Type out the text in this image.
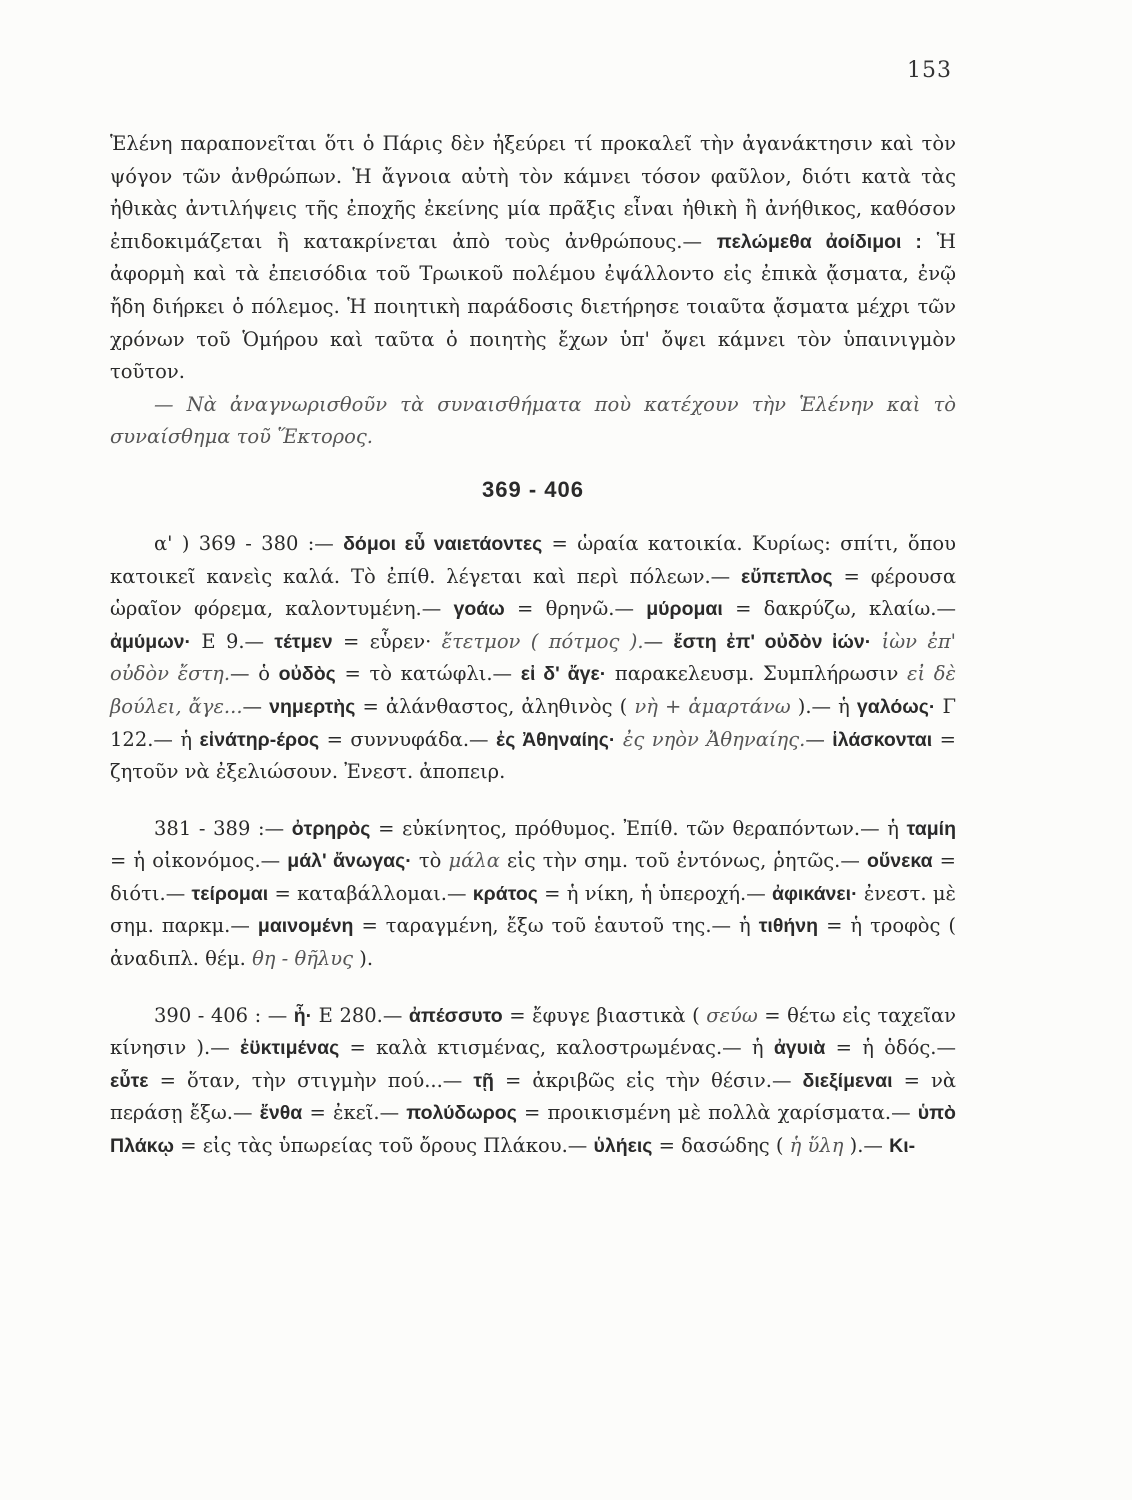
153

Ἑλένη παραπονεῖται ὅτι ὁ Πάρις δὲν ἠξεύρει τί προκαλεῖ τὴν ἀγανάκτησιν καὶ τὸν ψόγον τῶν ἀνθρώπων. Ἡ ἄγνοια αὐτὴ τὸν κάμνει τόσον φαῦλον, διότι κατὰ τὰς ἠθικὰς ἀντιλήψεις τῆς ἐποχῆς ἐκείνης μία πρᾶξις εἶναι ἠθικὴ ἢ ἀνήθικος, καθόσον ἐπιδοκιμάζεται ἢ κατακρίνεται ἀπὸ τοὺς ἀνθρώπους.— πελώμεθα ἀοίδιμοι : Ἡ ἀφορμὴ καὶ τὰ ἐπεισόδια τοῦ Τρωικοῦ πολέμου ἐψάλλοντο εἰς ἐπικὰ ᾄσματα, ἐνῷ ἤδη διήρκει ὁ πόλεμος. Ἡ ποιητικὴ παράδοσις διετήρησε τοιαῦτα ᾄσματα μέχρι τῶν χρόνων τοῦ Ὁμήρου καὶ ταῦτα ὁ ποιητὴς ἔχων ὑπ' ὄψει κάμνει τὸν ὑπαινιγμὸν τοῦτον.

— Νὰ ἀναγνωρισθοῦν τὰ συναισθήματα ποὺ κατέχουν τὴν Ἑλένην καὶ τὸ συναίσθημα τοῦ Ἕκτορος.

369 - 406

α' ) 369 - 380 :— δόμοι εὖ ναιετάοντες = ὡραία κατοικία. Κυρίως: σπίτι, ὅπου κατοικεῖ κανεὶς καλά. Τὸ ἐπίθ. λέγεται καὶ περὶ πόλεων.— εὔπεπλος = φέρουσα ὡραῖον φόρεμα, καλοντυμένη.— γοάω = θρηνῶ.— μύρομαι = δακρύζω, κλαίω.— ἀμύμων· Ε 9.— τέτμεν = εὗρεν· ἔτετμον ( πότμος ).— ἔστη ἐπ' οὐδὸν ἰών· ἰὼν ἐπ' οὐδὸν ἔστη.— ὁ οὐδὸς = τὸ κατώφλι.— εἰ δ' ἄγε· παρακελευσμ. Συμπλήρωσιν εἰ δὲ βούλει, ἄγε...— νημερτὴς = ἀλάνθαστος, ἀληθινὸς ( νὴ + ἁμαρτάνω ).— ἡ γαλόως· Γ 122.— ἡ εἰνάτηρ-έρος = συννυφάδα.— ἐς Ἀθηναίης· ἐς νηὸν Ἀθηναίης.— ἱλάσκονται = ζητοῦν νὰ ἐξελιώσουν. Ἐνεστ. ἀποπειρ.

381 - 389 :— ὀτρηρὸς = εὐκίνητος, πρόθυμος. Ἐπίθ. τῶν θεραπόντων.— ἡ ταμίη = ἡ οἰκονόμος.— μάλ' ἄνωγας· τὸ μάλα εἰς τὴν σημ. τοῦ ἐντόνως, ῥητῶς.— οὕνεκα = διότι.— τείρομαι = καταβάλλομαι.— κράτος = ἡ νίκη, ἡ ὑπεροχή.— ἀφικάνει· ἐνεστ. μὲ σημ. παρκμ.— μαινομένη = ταραγμένη, ἔξω τοῦ ἑαυτοῦ της.— ἡ τιθήνη = ἡ τροφὸς ( ἀναδιπλ. θέμ. θη - θῆλυς ).

390 - 406 : — ἦ· Ε 280.— ἀπέσσυτο = ἔφυγε βιαστικὰ ( σεύω = θέτω εἰς ταχεῖαν κίνησιν ).— ἐϋκτιμένας = καλὰ κτισμένας, καλοστρωμένας.— ἡ ἀγυιὰ = ἡ ὁδός.— εὖτε = ὅταν, τὴν στιγμὴν πού...— τῇ = ἀκριβῶς εἰς τὴν θέσιν.— διεξίμεναι = νὰ περάσῃ ἔξω.— ἔνθα = ἐκεῖ.— πολύδωρος = προικισμένη μὲ πολλὰ χαρίσματα.— ὑπὸ Πλάκῳ = εἰς τὰς ὑπωρείας τοῦ ὄρους Πλάκου.— ὑλήεις = δασώδης ( ἡ ὕλη ).— Κι-
